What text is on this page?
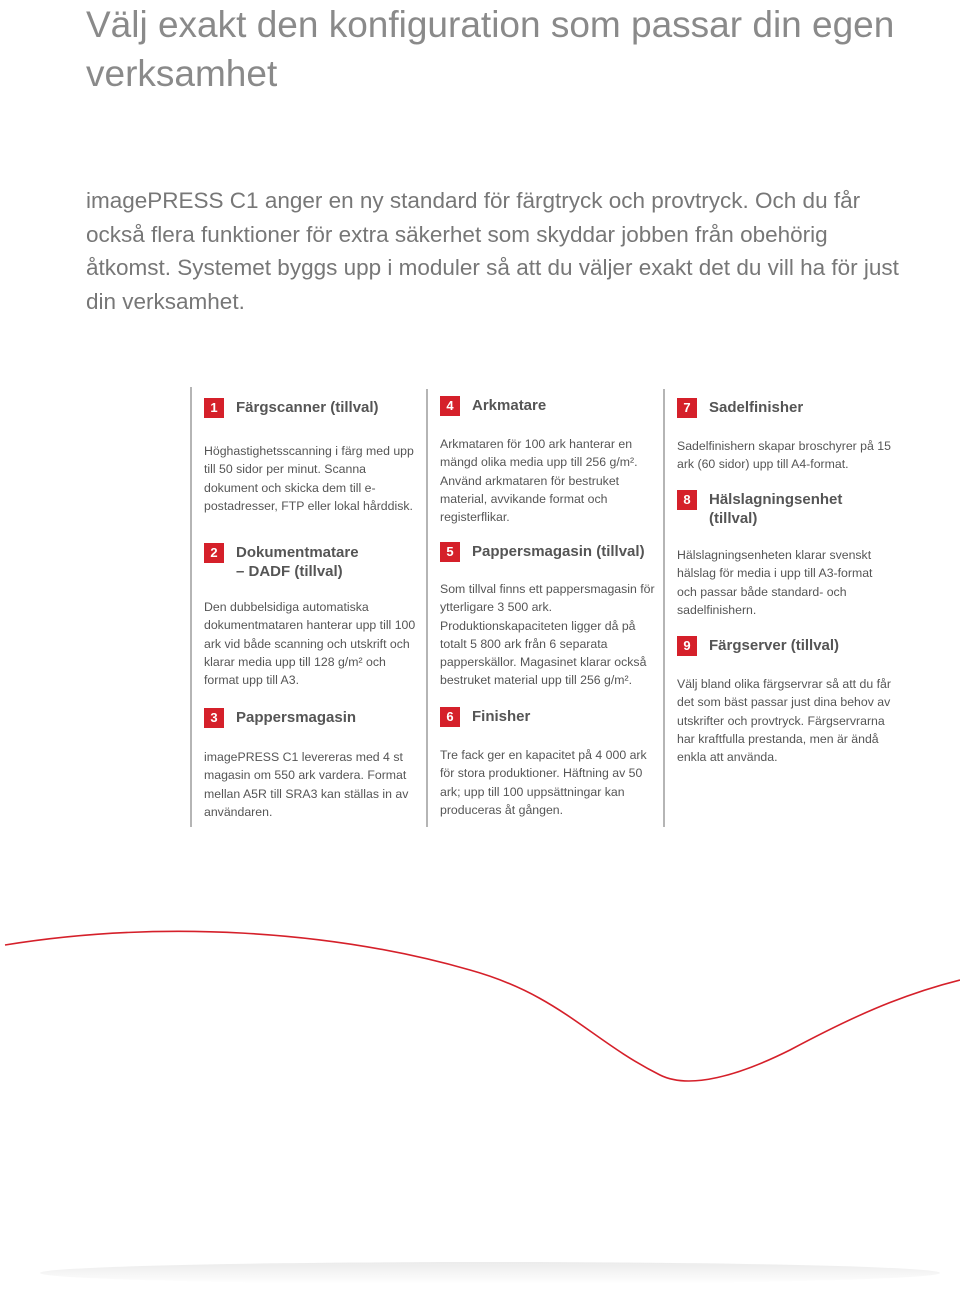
Välj exakt den konfiguration som passar din egen verksamhet

imagePRESS C1 anger en ny standard för färgtryck och provtryck. Och du får också flera funktioner för extra säkerhet som skyddar jobben från obehörig åtkomst. Systemet byggs upp i moduler så att du väljer exakt det du vill ha för just din verksamhet.

1	Färgscanner (tillval)
Höghastighetsscanning i färg med upp till 50 sidor per minut. Scanna dokument och skicka dem till e-postadresser, FTP eller lokal hårddisk.
2	Dokumentmatare
– DADF (tillval)
Den dubbelsidiga automatiska dokumentmataren hanterar upp till 100 ark vid både scanning och utskrift och klarar media upp till 128 g/m² och format upp till A3.
3	Pappersmagasin
imagePRESS C1 levereras med 4 st magasin om 550 ark vardera. Format mellan A5R till SRA3 kan ställas in av användaren.
4	Arkmatare
Arkmataren för 100 ark hanterar en mängd olika media upp till 256 g/m². Använd arkmataren för bestruket material, avvikande format och registerflikar.
5	Pappersmagasin (tillval)
Som tillval finns ett pappersmagasin för ytterligare 3 500 ark. Produktionskapaciteten ligger då på totalt 5 800 ark från 6 separata papperskällor. Magasinet klarar också bestruket material upp till 256 g/m².
6	Finisher
Tre fack ger en kapacitet på 4 000 ark för stora produktioner. Häftning av 50 ark; upp till 100 uppsättningar kan produceras åt gången.
7	Sadelfinisher
Sadelfinishern skapar broschyrer på 15 ark (60 sidor) upp till A4-format.
8	Hälslagningsenhet (tillval)
Hälslagningsenheten klarar svenskt hälslag för media i upp till A3-format och passar både standard- och sadelfinishern.
9	Färgserver (tillval)
Välj bland olika färgservrar så att du får det som bäst passar just dina behov av utskrifter och provtryck. Färgservrarna har kraftfulla prestanda, men är ändå enkla att använda.
